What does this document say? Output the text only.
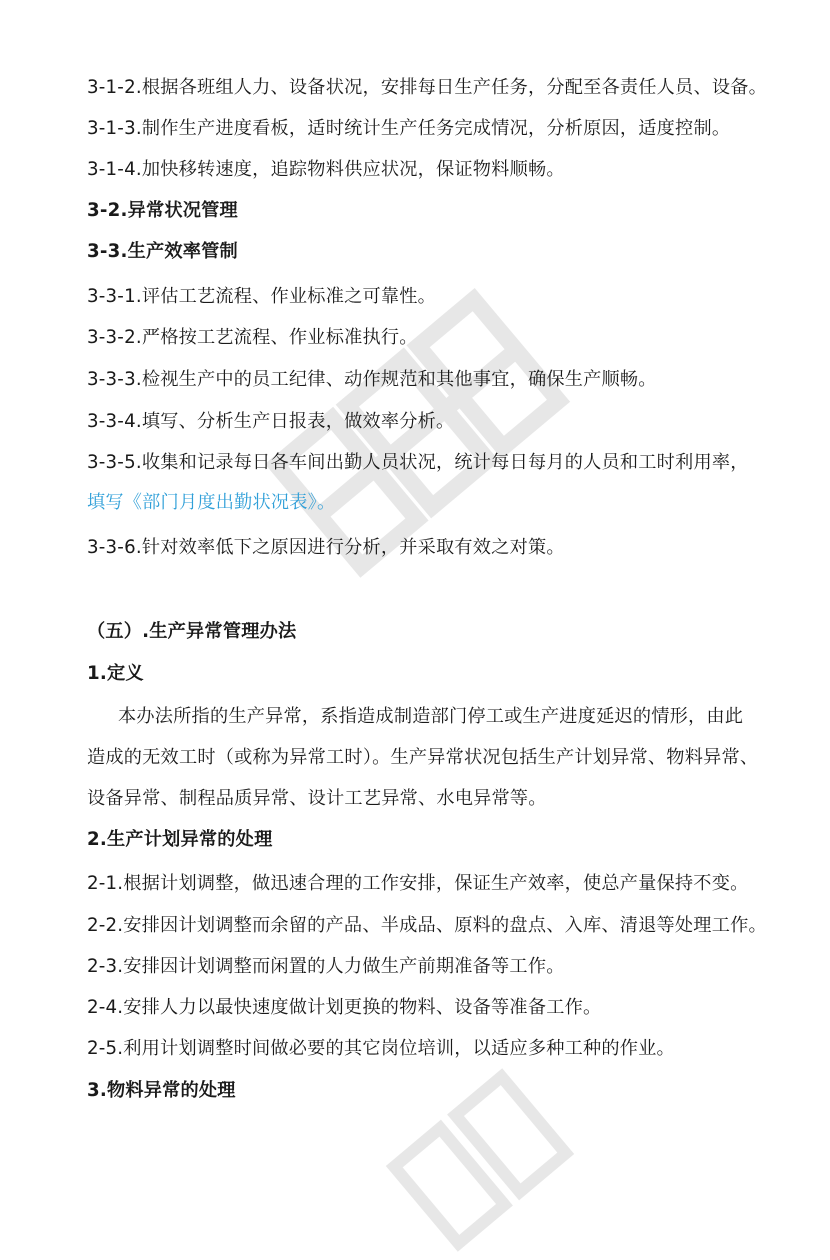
3-1-2.根据各班组人力、设备状况，安排每日生产任务，分配至各责任人员、设备。
3-1-3.制作生产进度看板，适时统计生产任务完成情况，分析原因，适度控制。
3-1-4.加快移转速度，追踪物料供应状况，保证物料顺畅。
3-2.异常状况管理
3-3.生产效率管制
3-3-1.评估工艺流程、作业标准之可靠性。
3-3-2.严格按工艺流程、作业标准执行。
3-3-3.检视生产中的员工纪律、动作规范和其他事宜，确保生产顺畅。
3-3-4.填写、分析生产日报表，做效率分析。
3-3-5.收集和记录每日各车间出勤人员状况，统计每日每月的人员和工时利用率，
填写《部门月度出勤状况表》。
3-3-6.针对效率低下之原因进行分析，并采取有效之对策。
（五）.生产异常管理办法
1.定义
本办法所指的生产异常，系指造成制造部门停工或生产进度延迟的情形，由此
造成的无效工时（或称为异常工时）。生产异常状况包括生产计划异常、物料异常、
设备异常、制程品质异常、设计工艺异常、水电异常等。
2.生产计划异常的处理
2-1.根据计划调整，做迅速合理的工作安排，保证生产效率，使总产量保持不变。
2-2.安排因计划调整而余留的产品、半成品、原料的盘点、入库、清退等处理工作。
2-3.安排因计划调整而闲置的人力做生产前期准备等工作。
2-4.安排人力以最快速度做计划更换的物料、设备等准备工作。
2-5.利用计划调整时间做必要的其它岗位培训，以适应多种工种的作业。
3.物料异常的处理
